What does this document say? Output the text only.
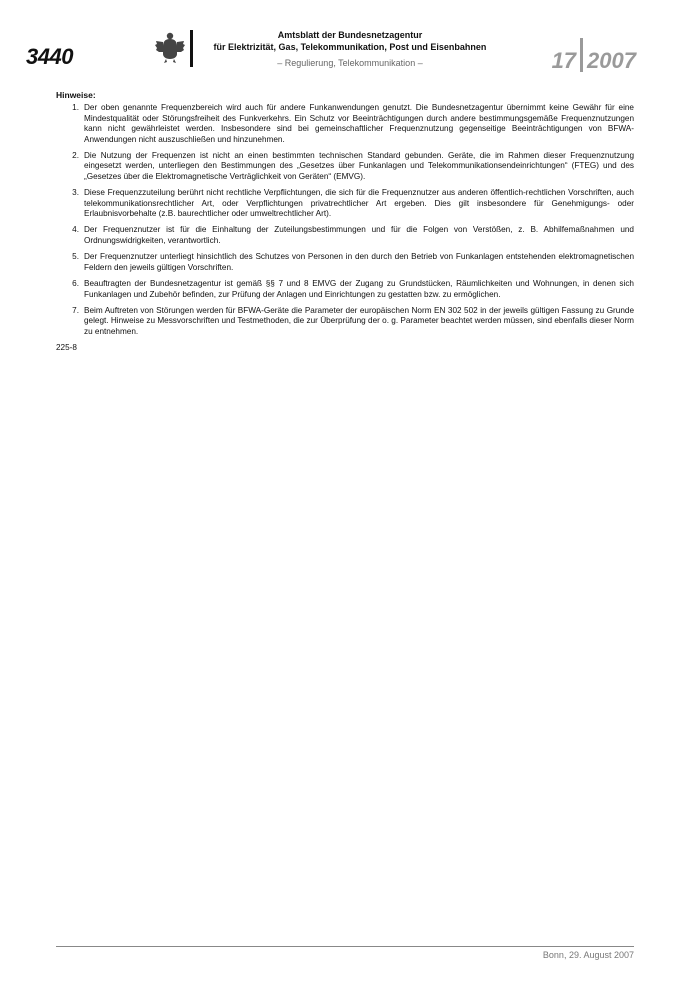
3440
Amtsblatt der Bundesnetzagentur
für Elektrizität, Gas, Telekommunikation, Post und Eisenbahnen
– Regulierung, Telekommunikation –	17 2007
Hinweise:
1. Der oben genannte Frequenzbereich wird auch für andere Funkanwendungen genutzt. Die Bundesnetzagentur übernimmt keine Gewähr für eine Mindestqualität oder Störungsfreiheit des Funkverkehrs. Ein Schutz vor Beeinträchtigungen durch andere bestimmungsgemäße Frequenznutzungen kann nicht gewährleistet werden. Insbesondere sind bei gemeinschaftlicher Frequenznutzung gegenseitige Beeinträchtigungen von BFWA-Anwendungen nicht auszuschließen und hinzunehmen.
2. Die Nutzung der Frequenzen ist nicht an einen bestimmten technischen Standard gebunden. Geräte, die im Rahmen dieser Frequenznutzung eingesetzt werden, unterliegen den Bestimmungen des „Gesetzes über Funkanlagen und Telekommunikationsendeinrichtungen“ (FTEG) und des „Gesetzes über die Elektromagnetische Verträglichkeit von Geräten“ (EMVG).
3. Diese Frequenzzuteilung berührt nicht rechtliche Verpflichtungen, die sich für die Frequenznutzer aus anderen öffentlich-rechtlichen Vorschriften, auch telekommunikationsrechtlicher Art, oder Verpflichtungen privatrechtlicher Art ergeben. Dies gilt insbesondere für Genehmigungs- oder Erlaubnisvorbehalte (z.B. baurechtlicher oder umweltrechtlicher Art).
4. Der Frequenznutzer ist für die Einhaltung der Zuteilungsbestimmungen und für die Folgen von Verstößen, z. B. Abhilfemaßnahmen und Ordnungswidrigkeiten, verantwortlich.
5. Der Frequenznutzer unterliegt hinsichtlich des Schutzes von Personen in den durch den Betrieb von Funkanlagen entstehenden elektromagnetischen Feldern den jeweils gültigen Vorschriften.
6. Beauftragten der Bundesnetzagentur ist gemäß §§ 7 und 8 EMVG der Zugang zu Grundstücken, Räumlichkeiten und Wohnungen, in denen sich Funkanlagen und Zubehör befinden, zur Prüfung der Anlagen und Einrichtungen zu gestatten bzw. zu ermöglichen.
7. Beim Auftreten von Störungen werden für BFWA-Geräte die Parameter der europäischen Norm EN 302 502 in der jeweils gültigen Fassung zu Grunde gelegt. Hinweise zu Messvorschriften und Testmethoden, die zur Überprüfung der o. g. Parameter beachtet werden müssen, sind ebenfalls dieser Norm zu entnehmen.
225-8
Bonn, 29. August 2007
